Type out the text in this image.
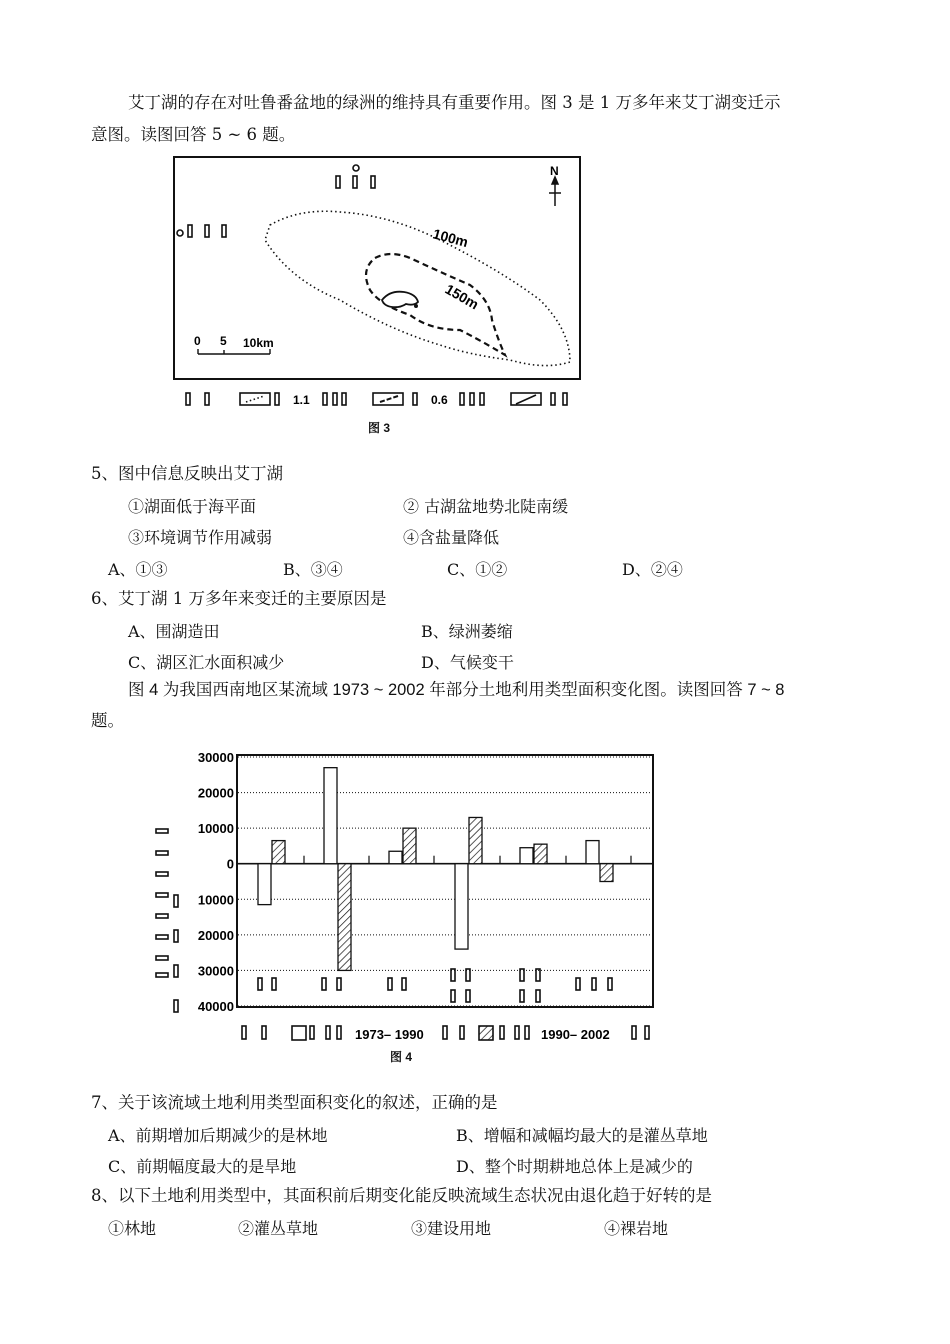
艾丁湖的存在对吐鲁番盆地的绿洲的维持具有重要作用。图 3 是 1 万多年来艾丁湖变迁示
意图。读图回答 5 ~ 6 题。
N
100m
150m
0 5 10km
1.1	0.6
图 3
5、图中信息反映出艾丁湖
①湖面低于海平面	② 古湖盆地势北陡南缓
③环境调节作用减弱	④含盐量降低
A、①③	B、③④	C、①②	D、②④
6、艾丁湖 1 万多年来变迁的主要原因是
A、围湖造田	B、绿洲萎缩
C、湖区汇水面积减少	D、气候变干
图 4 为我国西南地区某流域 1973 ~ 2002 年部分土地利用类型面积变化图。读图回答 7 ~ 8
题。
30000
20000
10000
0
10000
20000
30000
40000
1973– 1990	1990– 2002
图 4
7、关于该流域土地利用类型面积变化的叙述，正确的是
A、前期增加后期减少的是林地	B、增幅和减幅均最大的是灌丛草地
C、前期幅度最大的是旱地	D、整个时期耕地总体上是减少的
8、以下土地利用类型中，其面积前后期变化能反映流域生态状况由退化趋于好转的是
①林地	②灌丛草地	③建设用地	④裸岩地
